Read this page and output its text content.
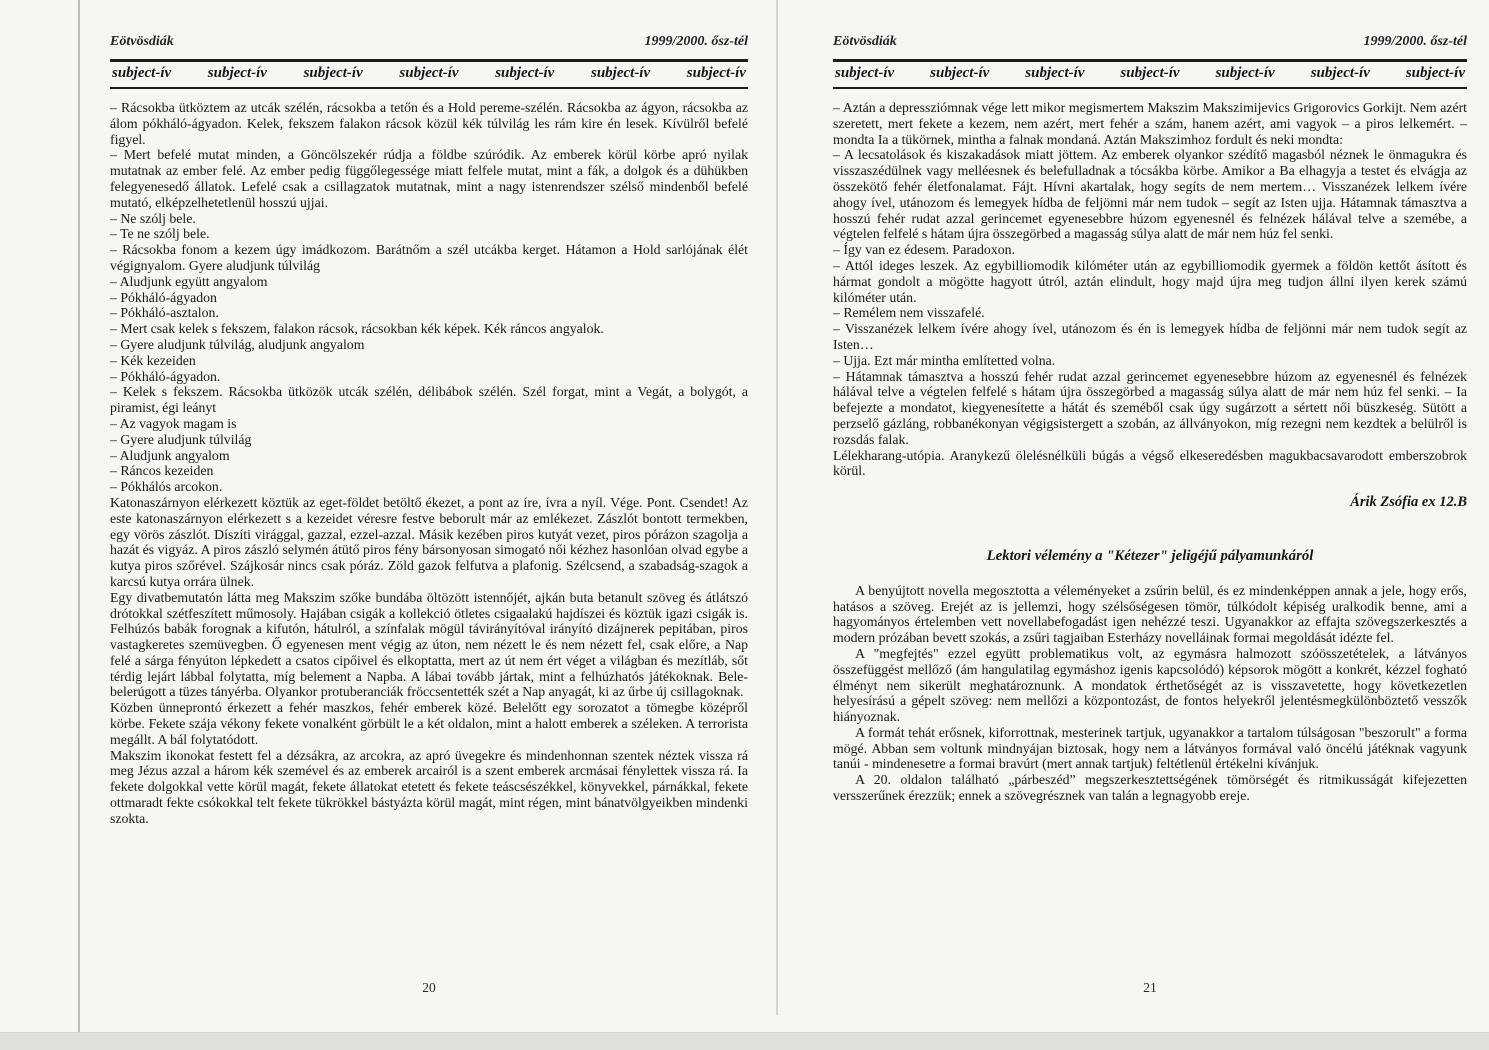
Eötvösdiák	1999/2000. ősz-tél
subject-ív subject-ív subject-ív subject-ív subject-ív subject-ív subject-ív

– Rácsokba ütköztem az utcák szélén, rácsokba a tetőn és a Hold pereme-szélén. Rácsokba az ágyon, rácsokba az álom pókháló-ágyadon. Kelek, fekszem falakon rácsok közül kék túlvilág les rám kire én lesek. Kívülről befelé figyel.

– Mert befelé mutat minden, a Göncölszekér rúdja a földbe szúródik. Az emberek körül körbe apró nyilak mutatnak az ember felé. Az ember pedig függőlegessége miatt felfele mutat, mint a fák, a dolgok és a dühükben felegyenesedő állatok. Lefelé csak a csillagzatok mutatnak, mint a nagy istenrendszer szélső mindenből befelé mutató, elképzelhetetlenül hosszú ujjai.

– Ne szólj bele.

– Te ne szólj bele.

– Rácsokba fonom a kezem úgy imádkozom. Barátnőm a szél utcákba kerget. Hátamon a Hold sarlójának élét végignyalom. Gyere aludjunk túlvilág

– Aludjunk együtt angyalom

– Pókháló-ágyadon

– Pókháló-asztalon.

– Mert csak kelek s fekszem, falakon rácsok, rácsokban kék képek. Kék ráncos angyalok.

– Gyere aludjunk túlvilág, aludjunk angyalom

– Kék kezeiden

– Pókháló-ágyadon.

– Kelek s fekszem. Rácsokba ütközök utcák szélén, délibábok szélén. Szél forgat, mint a Vegát, a bolygót, a piramist, égi leányt

– Az vagyok magam is

– Gyere aludjunk túlvilág

– Aludjunk angyalom

– Ráncos kezeiden

– Pókhálós arcokon.

Katonaszárnyon elérkezett köztük az eget-földet betöltő ékezet, a pont az íre, ívra a nyíl. Vége. Pont. Csendet! Az este katonaszárnyon elérkezett s a kezeidet véresre festve beborult már az emlékezet. Zászlót bontott termekben, egy vörös zászlót. Díszíti virággal, gazzal, ezzel-azzal. Másik kezében piros kutyát vezet, piros pórázon szagolja a hazát és vigyáz. A piros zászló selymén átütő piros fény bársonyosan simogató női kézhez hasonlóan olvad egybe a kutya piros szőrével. Szájkosár nincs csak póráz. Zöld gazok felfutva a plafonig. Szélcsend, a szabadság-szagok a karcsú kutya orrára ülnek.

Egy divatbemutatón látta meg Makszim szőke bundába öltözött istennőjét, ajkán buta betanult szöveg és átlátszó drótokkal szétfeszített műmosoly. Hajában csigák a kollekció ötletes csigaalakú hajdíszei és köztük igazi csigák is. Felhúzós babák forognak a kifutón, hátulról, a színfalak mögül távirányítóval irányító dizájnerek pepitában, piros vastagkeretes szemüvegben. Ő egyenesen ment végig az úton, nem nézett le és nem nézett fel, csak előre, a Nap felé a sárga fényúton lépkedett a csatos cipőivel és elkoptatta, mert az út nem ért véget a világban és mezítláb, sőt térdig lejárt lábbal folytatta, míg belement a Napba. A lábai tovább jártak, mint a felhúzhatós játékoknak. Bele-belerúgott a tüzes tányérba. Olyankor protuberanciák fröccsentették szét a Nap anyagát, ki az űrbe új csillagoknak.

Közben ünneprontó érkezett a fehér maszkos, fehér emberek közé. Belelőtt egy sorozatot a tömegbe középről körbe. Fekete szája vékony fekete vonalként görbült le a két oldalon, mint a halott emberek a széleken. A terrorista megállt. A bál folytatódott.

Makszim ikonokat festett fel a dézsákra, az arcokra, az apró üvegekre és mindenhonnan szentek néztek vissza rá meg Jézus azzal a három kék szemével és az emberek arcairól is a szent emberek arcmásai fénylettek vissza rá. Ia fekete dolgokkal vette körül magát, fekete állatokat etetett és fekete teáscsészékkel, könyvekkel, párnákkal, fekete ottmaradt fekte csókokkal telt fekete tükrökkel bástyázta körül magát, mint régen, mint bánatvölgyeikben mindenki szokta.

20
Eötvösdiák	1999/2000. ősz-tél
subject-ív subject-ív subject-ív subject-ív subject-ív subject-ív subject-ív

– Aztán a depressziómnak vége lett mikor megismertem Makszim Makszimijevics Grigorovics Gorkijt. Nem azért szeretett, mert fekete a kezem, nem azért, mert fehér a szám, hanem azért, ami vagyok – a piros lelkemért. – mondta Ia a tükörnek, mintha a falnak mondaná. Aztán Makszimhoz fordult és neki mondta:

– A lecsatolások és kiszakadások miatt jöttem. Az emberek olyankor szédítő magasból néznek le önmagukra és visszaszédülnek vagy melléesnek és belefulladnak a tócsákba körbe. Amikor a Ba elhagyja a testet és elvágja az összekötő fehér életfonalamat. Fájt. Hívni akartalak, hogy segíts de nem mertem… Visszanézek lelkem ívére ahogy ível, utánozom és lemegyek hídba de feljönni már nem tudok – segít az Isten ujja. Hátamnak támasztva a hosszú fehér rudat azzal gerincemet egyenesebbre húzom egyenesnél és felnézek hálával telve a szemébe, a végtelen felfelé s hátam újra összegörbed a magasság súlya alatt de már nem húz fel senki.

– Így van ez édesem. Paradoxon.

– Attól ideges leszek. Az egybilliomodik kilóméter után az egybilliomodik gyermek a földön kettőt ásított és hármat gondolt a mögötte hagyott útról, aztán elindult, hogy majd újra meg tudjon állni ilyen kerek számú kilóméter után.

– Remélem nem visszafelé.

– Visszanézek lelkem ívére ahogy ível, utánozom és én is lemegyek hídba de feljönni már nem tudok segít az Isten…

– Ujja. Ezt már mintha említetted volna.

– Hátamnak támasztva a hosszú fehér rudat azzal gerincemet egyenesebbre húzom az egyenesnél és felnézek hálával telve a végtelen felfelé s hátam újra összegörbed a magasság súlya alatt de már nem húz fel senki. – Ia befejezte a mondatot, kiegyenesítette a hátát és szeméből csak úgy sugárzott a sértett női büszkeség. Sütött a perzselő gázláng, robbanékonyan végigsistergett a szobán, az állványokon, míg rezegni nem kezdtek a belülről is rozsdás falak.

Lélekharang-utópia. Aranykezű ölelésnélküli búgás a végső elkeseredésben magukbacsavarodott emberszobrok körül.

Árik Zsófia ex 12.B

Lektori vélemény a "Kétezer" jeligéjű pályamunkáról

A benyújtott novella megosztotta a véleményeket a zsűrin belül, és ez mindenképpen annak a jele, hogy erős, hatásos a szöveg. Erejét az is jellemzi, hogy szélsőségesen tömör, túlkódolt képiség uralkodik benne, ami a hagyományos értelemben vett novellabefogadást igen nehézzé teszi. Ugyanakkor az effajta szövegszerkesztés a modern prózában bevett szokás, a zsűri tagjaiban Esterházy novelláinak formai megoldását idézte fel.

A "megfejtés" ezzel együtt problematikus volt, az egymásra halmozott szóösszetételek, a látványos összefüggést mellőző (ám hangulatilag egymáshoz igenis kapcsolódó) képsorok mögött a konkrét, kézzel fogható élményt nem sikerült meghatároznunk. A mondatok érthetőségét az is visszavetette, hogy következetlen helyesírású a gépelt szöveg: nem mellőzi a központozást, de fontos helyekről jelentésmegkülönböztető vesszők hiányoznak.

A formát tehát erősnek, kiforrottnak, mesterinek tartjuk, ugyanakkor a tartalom túlságosan "beszorult" a forma mögé. Abban sem voltunk mindnyájan biztosak, hogy nem a látványos formával való öncélú játéknak vagyunk tanúi - mindenesetre a formai bravúrt (mert annak tartjuk) feltétlenül értékelni kívánjuk.

A 20. oldalon található „párbeszéd” megszerkesztettségének tömörségét és ritmikusságát kifejezetten versszerűnek érezzük; ennek a szövegrésznek van talán a legnagyobb ereje.

21
